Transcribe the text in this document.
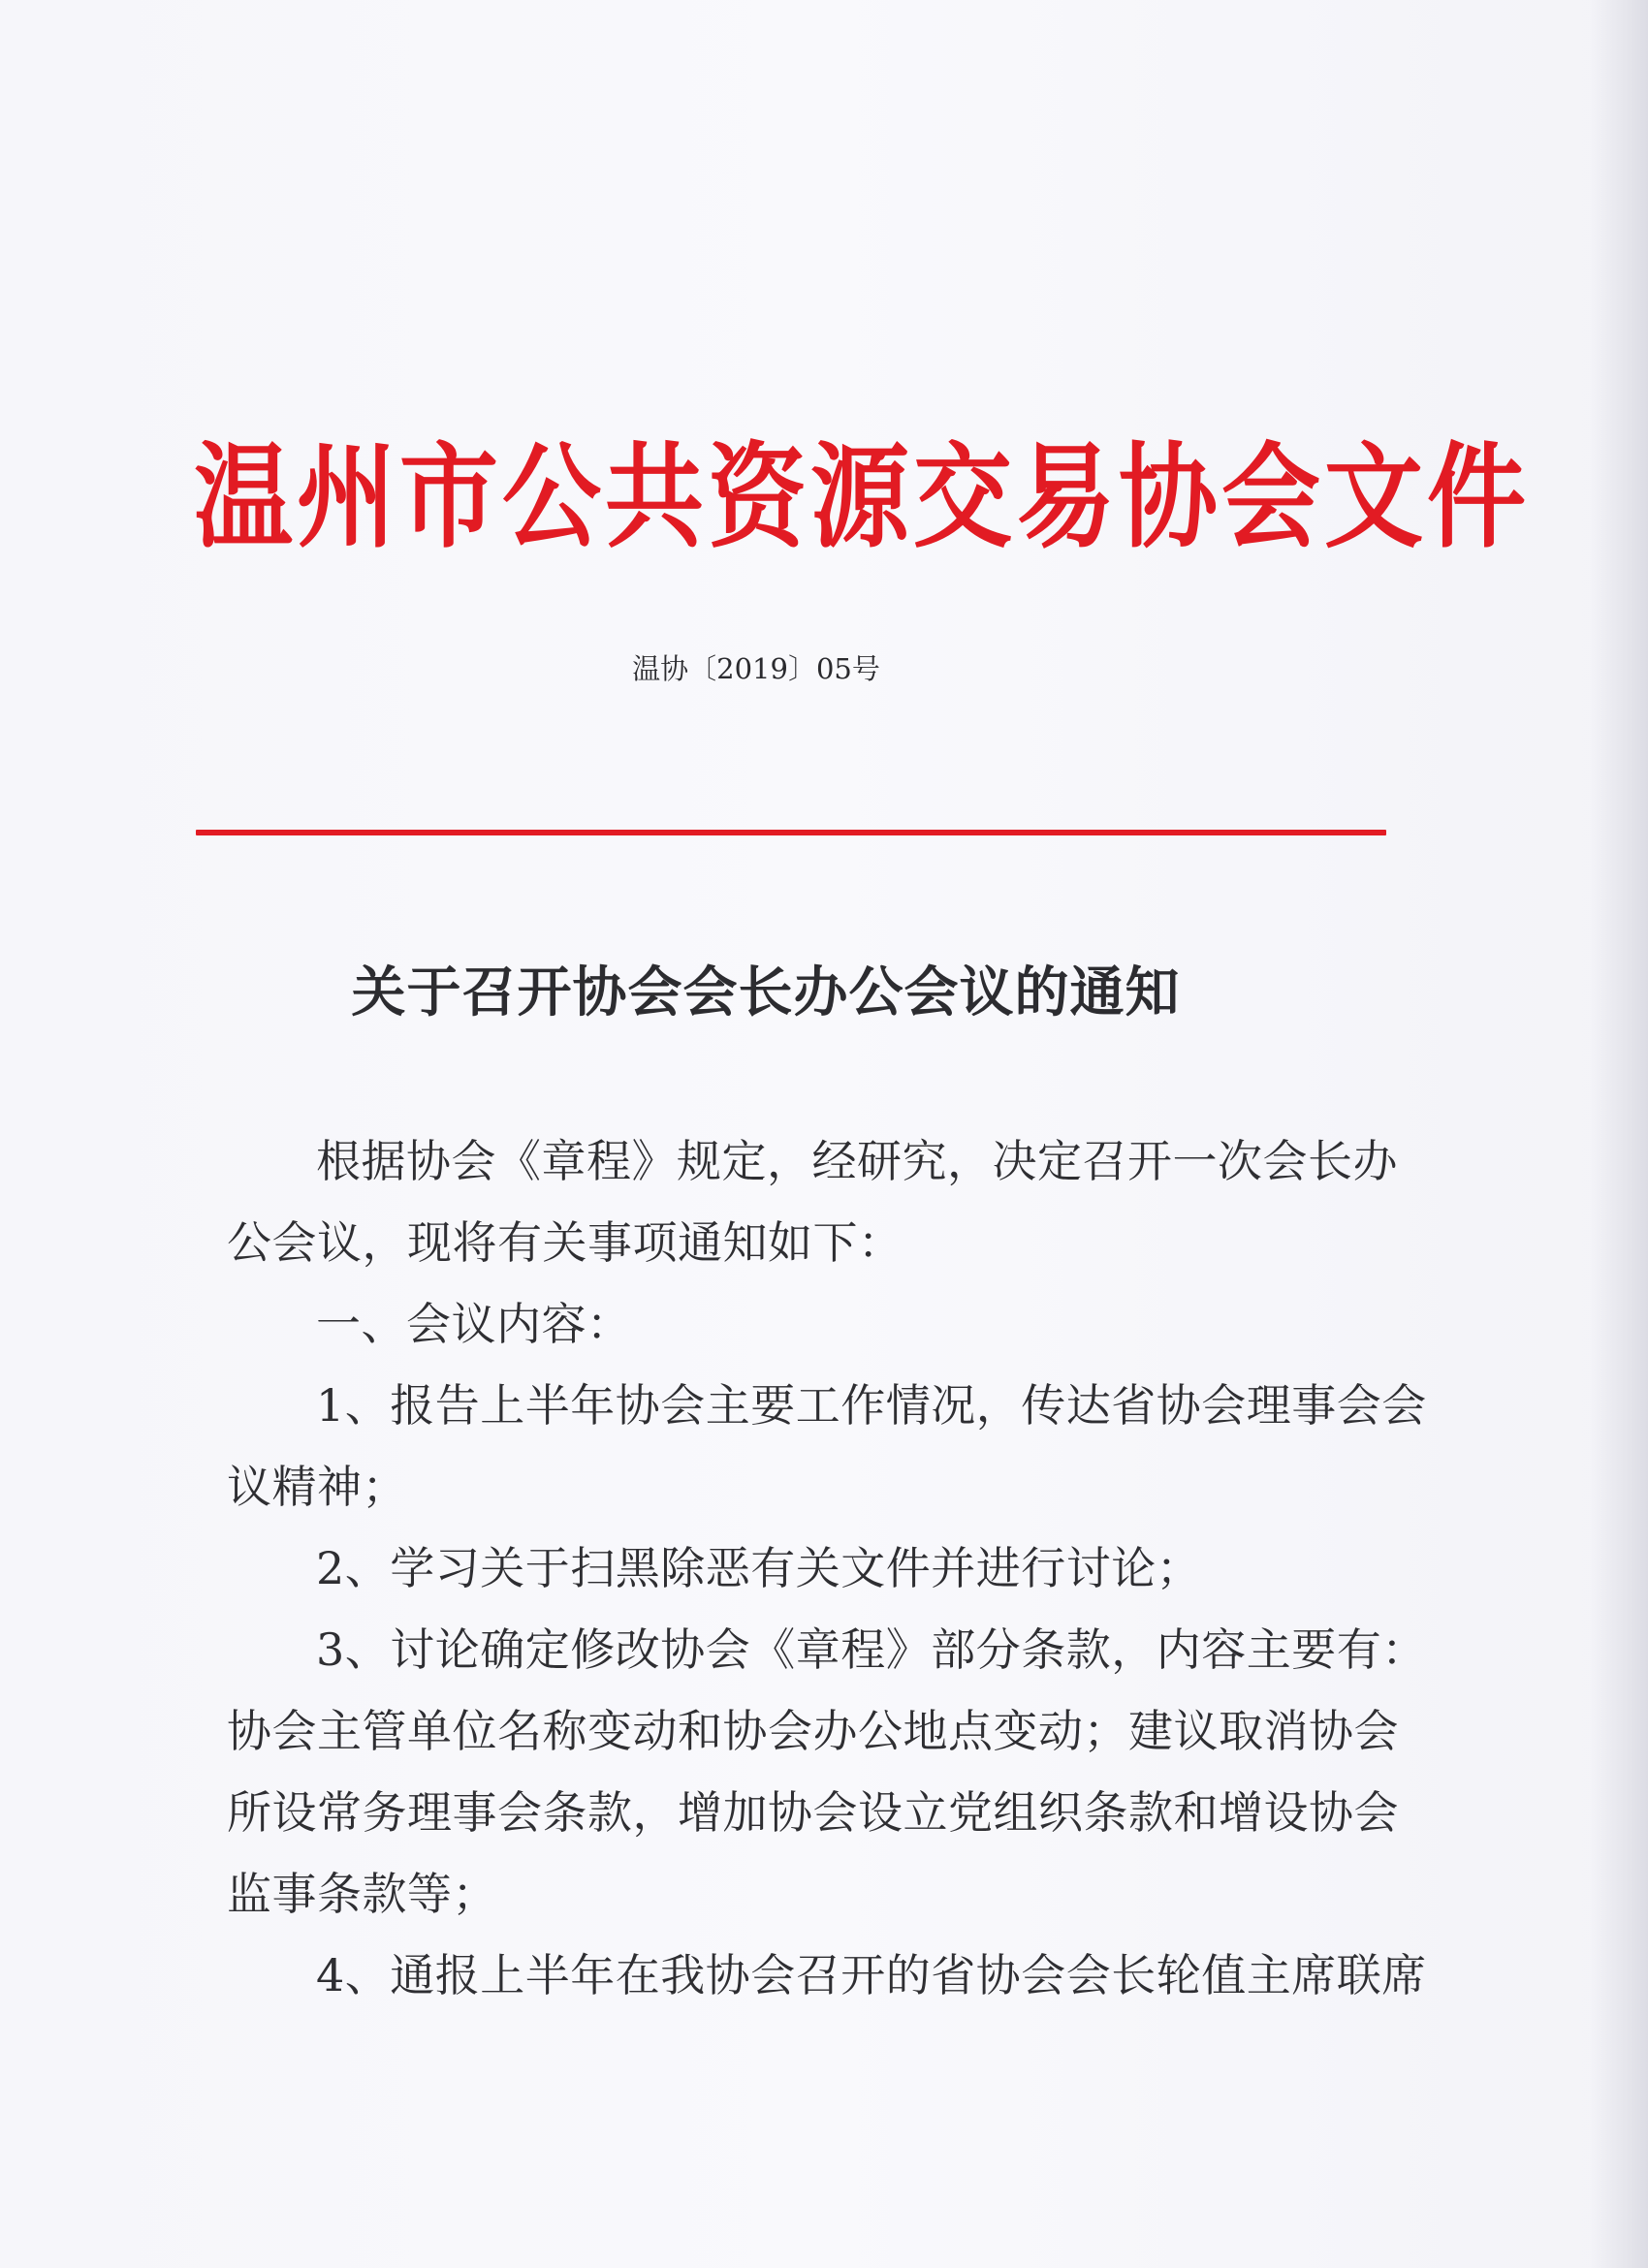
温州市公共资源交易协会文件
温协〔2019〕05号
关于召开协会会长办公会议的通知

根据协会《章程》规定，经研究，决定召开一次会长办
公会议，现将有关事项通知如下：

一、会议内容：

1、报告上半年协会主要工作情况，传达省协会理事会会
议精神；

2、学习关于扫黑除恶有关文件并进行讨论；

3、讨论确定修改协会《章程》部分条款，内容主要有：
协会主管单位名称变动和协会办公地点变动；建议取消协会
所设常务理事会条款，增加协会设立党组织条款和增设协会
监事条款等；

4、通报上半年在我协会召开的省协会会长轮值主席联席
